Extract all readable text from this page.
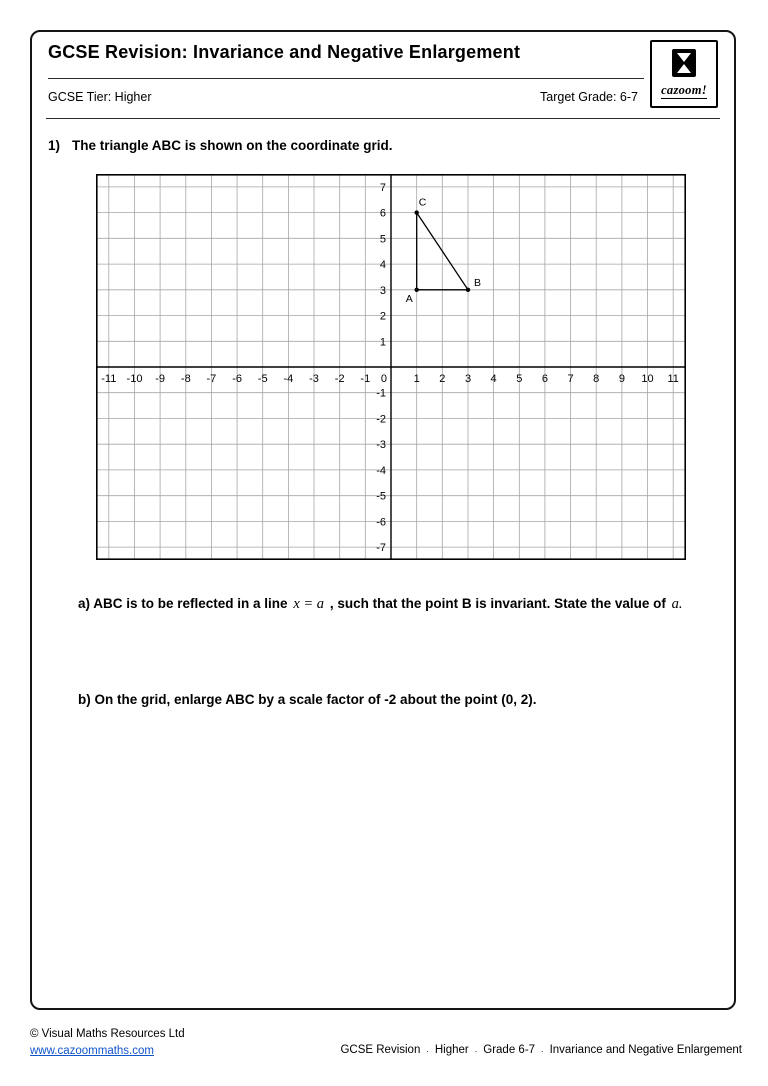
GCSE Revision: Invariance and Negative Enlargement
GCSE Tier: Higher	Target Grade: 6-7 cazoom!
1) The triangle ABC is shown on the coordinate grid.
-11 -10 -9 -8 -7 -6 -5 -4 -3 -2 -1 0 1 2 3 4 5 6 7 8 9 10 11
7
6
5
4
3
2
1
-1
-2
-3
-4
-5
-6
-7
A
B
C

a) ABC is to be reflected in a line x = a , such that the point B is invariant. State the value of a.

b) On the grid, enlarge ABC by a scale factor of -2 about the point (0, 2).

© Visual Maths Resources Ltd
www.cazoommaths.com	GCSE Revision . Higher . Grade 6-7 . Invariance and Negative Enlargement
